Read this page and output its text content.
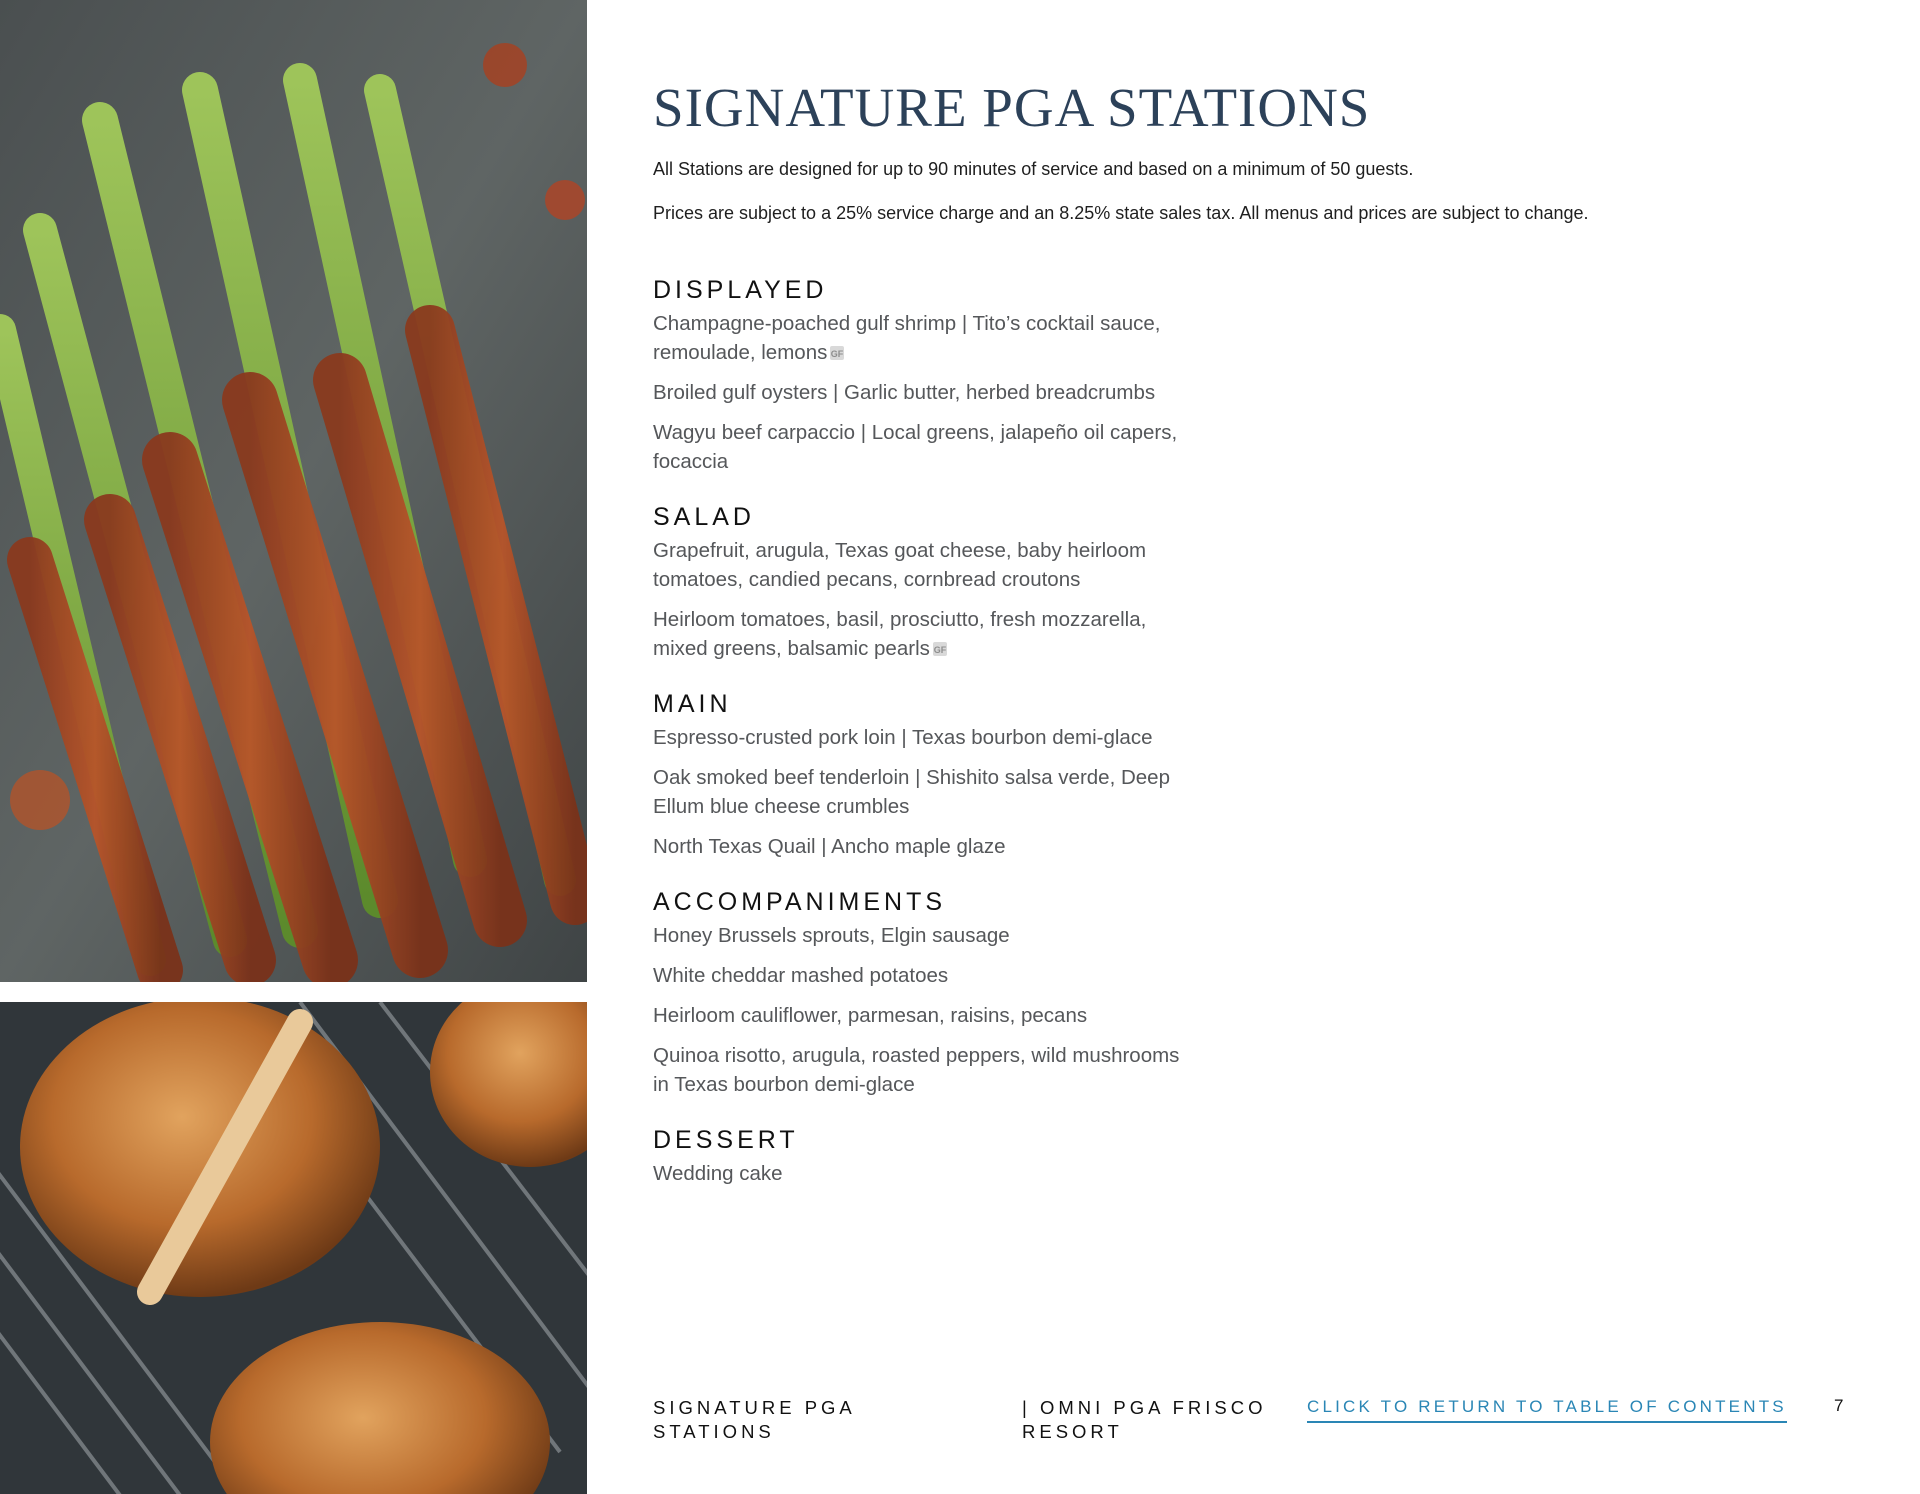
SIGNATURE PGA STATIONS

All Stations are designed for up to 90 minutes of service and based on a minimum of 50 guests.

Prices are subject to a 25% service charge and an 8.25% state sales tax. All menus and prices are subject to change.

DISPLAYED

Champagne-poached gulf shrimp | Tito’s cocktail sauce, remoulade, lemons GF

Broiled gulf oysters | Garlic butter, herbed breadcrumbs

Wagyu beef carpaccio | Local greens, jalapeño oil capers, focaccia

SALAD

Grapefruit, arugula, Texas goat cheese, baby heirloom tomatoes, candied pecans, cornbread croutons

Heirloom tomatoes, basil, prosciutto, fresh mozzarella, mixed greens, balsamic pearls GF

MAIN

Espresso-crusted pork loin | Texas bourbon demi-glace

Oak smoked beef tenderloin | Shishito salsa verde, Deep Ellum blue cheese crumbles

North Texas Quail | Ancho maple glaze

ACCOMPANIMENTS

Honey Brussels sprouts, Elgin sausage

White cheddar mashed potatoes

Heirloom cauliflower, parmesan, raisins, pecans

Quinoa risotto, arugula, roasted peppers, wild mushrooms in Texas bourbon demi-glace

DESSERT

Wedding cake

SIGNATURE PGA STATIONS

| OMNI PGA FRISCO RESORT

CLICK TO RETURN TO TABLE OF CONTENTS	7
